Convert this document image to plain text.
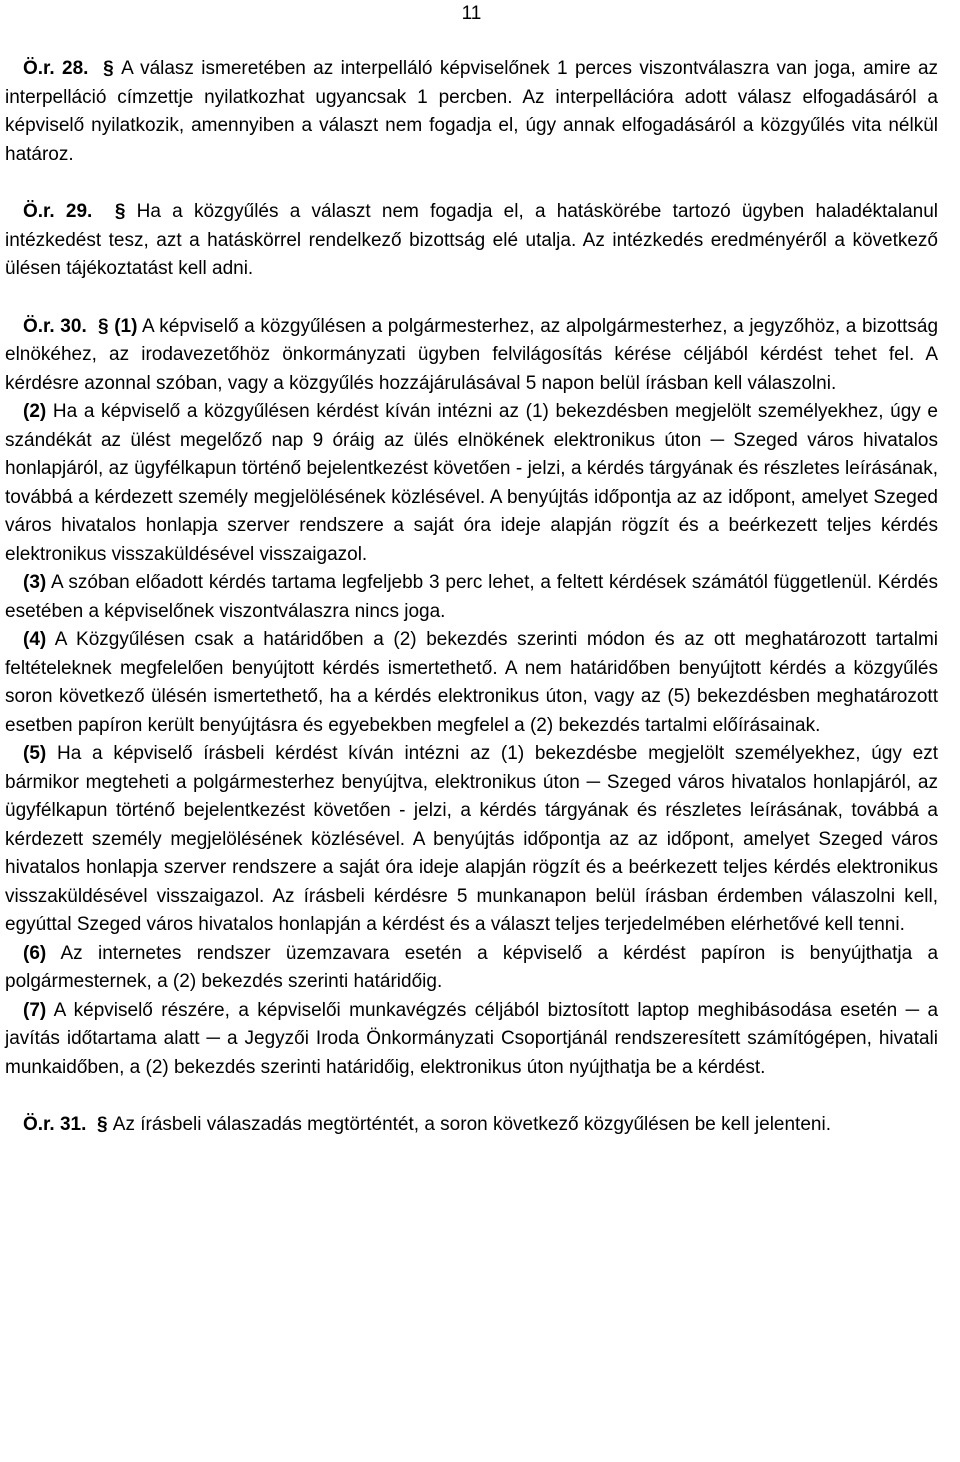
11

Ö.r. 28. § A válasz ismeretében az interpelláló képviselőnek 1 perces viszontválaszra van joga, amire az interpelláció címzettje nyilatkozhat ugyancsak 1 percben. Az interpellációra adott válasz elfogadásáról a képviselő nyilatkozik, amennyiben a választ nem fogadja el, úgy annak elfogadásáról a közgyűlés vita nélkül határoz.

Ö.r. 29. § Ha a közgyűlés a választ nem fogadja el, a hatáskörébe tartozó ügyben haladéktalanul intézkedést tesz, azt a hatáskörrel rendelkező bizottság elé utalja. Az intézkedés eredményéről a következő ülésen tájékoztatást kell adni.

Ö.r. 30. § (1) A képviselő a közgyűlésen a polgármesterhez, az alpolgármesterhez, a jegyzőhöz, a bizottság elnökéhez, az irodavezetőhöz önkormányzati ügyben felvilágosítás kérése céljából kérdést tehet fel. A kérdésre azonnal szóban, vagy a közgyűlés hozzájárulásával 5 napon belül írásban kell válaszolni.

(2) Ha a képviselő a közgyűlésen kérdést kíván intézni az (1) bekezdésben megjelölt személyekhez, úgy e szándékát az ülést megelőző nap 9 óráig az ülés elnökének elektronikus úton ─ Szeged város hivatalos honlapjáról, az ügyfélkapun történő bejelentkezést követően - jelzi, a kérdés tárgyának és részletes leírásának, továbbá a kérdezett személy megjelölésének közlésével. A benyújtás időpontja az az időpont, amelyet Szeged város hivatalos honlapja szerver rendszere a saját óra ideje alapján rögzít és a beérkezett teljes kérdés elektronikus visszaküldésével visszaigazol.

(3) A szóban előadott kérdés tartama legfeljebb 3 perc lehet, a feltett kérdések számától függetlenül. Kérdés esetében a képviselőnek viszontválaszra nincs joga.

(4) A Közgyűlésen csak a határidőben a (2) bekezdés szerinti módon és az ott meghatározott tartalmi feltételeknek megfelelően benyújtott kérdés ismertethető. A nem határidőben benyújtott kérdés a közgyűlés soron következő ülésén ismertethető, ha a kérdés elektronikus úton, vagy az (5) bekezdésben meghatározott esetben papíron került benyújtásra és egyebekben megfelel a (2) bekezdés tartalmi előírásainak.

(5) Ha a képviselő írásbeli kérdést kíván intézni az (1) bekezdésbe megjelölt személyekhez, úgy ezt bármikor megteheti a polgármesterhez benyújtva, elektronikus úton ─ Szeged város hivatalos honlapjáról, az ügyfélkapun történő bejelentkezést követően - jelzi, a kérdés tárgyának és részletes leírásának, továbbá a kérdezett személy megjelölésének közlésével. A benyújtás időpontja az az időpont, amelyet Szeged város hivatalos honlapja szerver rendszere a saját óra ideje alapján rögzít és a beérkezett teljes kérdés elektronikus visszaküldésével visszaigazol. Az írásbeli kérdésre 5 munkanapon belül írásban érdemben válaszolni kell, egyúttal Szeged város hivatalos honlapján a kérdést és a választ teljes terjedelmében elérhetővé kell tenni.

(6) Az internetes rendszer üzemzavara esetén a képviselő a kérdést papíron is benyújthatja a polgármesternek, a (2) bekezdés szerinti határidőig.

(7) A képviselő részére, a képviselői munkavégzés céljából biztosított laptop meghibásodása esetén ─ a javítás időtartama alatt ─ a Jegyzői Iroda Önkormányzati Csoportjánál rendszeresített számítógépen, hivatali munkaidőben, a (2) bekezdés szerinti határidőig, elektronikus úton nyújthatja be a kérdést.

Ö.r. 31. § Az írásbeli válaszadás megtörténtét, a soron következő közgyűlésen be kell jelenteni.
